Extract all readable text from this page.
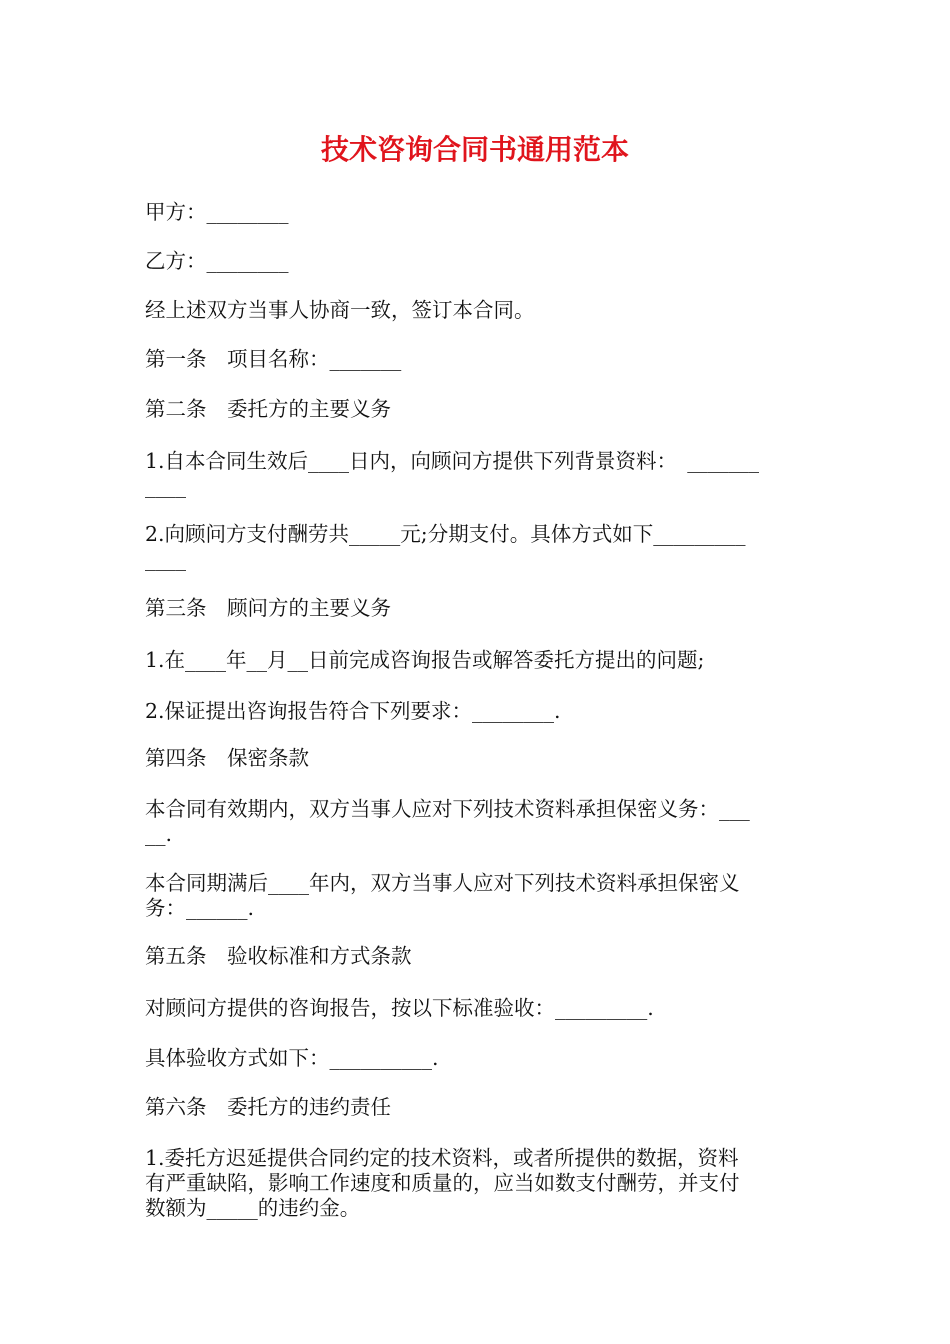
技术咨询合同书通用范本
甲方：________
乙方：________
经上述双方当事人协商一致，签订本合同。
第一条　项目名称：_______
第二条　委托方的主要义务
1.自本合同生效后____日内，向顾问方提供下列背景资料：　_______
____
2.向顾问方支付酬劳共_____元;分期支付。具体方式如下_________
____
第三条　顾问方的主要义务
1.在____年__月__日前完成咨询报告或解答委托方提出的问题;
2.保证提出咨询报告符合下列要求：________.
第四条　保密条款
本合同有效期内，双方当事人应对下列技术资料承担保密义务：___
__.
本合同期满后____年内，双方当事人应对下列技术资料承担保密义
务：______.
第五条　验收标准和方式条款
对顾问方提供的咨询报告，按以下标准验收：_________.
具体验收方式如下：__________.
第六条　委托方的违约责任
1.委托方迟延提供合同约定的技术资料，或者所提供的数据，资料
有严重缺陷，影响工作速度和质量的，应当如数支付酬劳，并支付
数额为_____的违约金。
